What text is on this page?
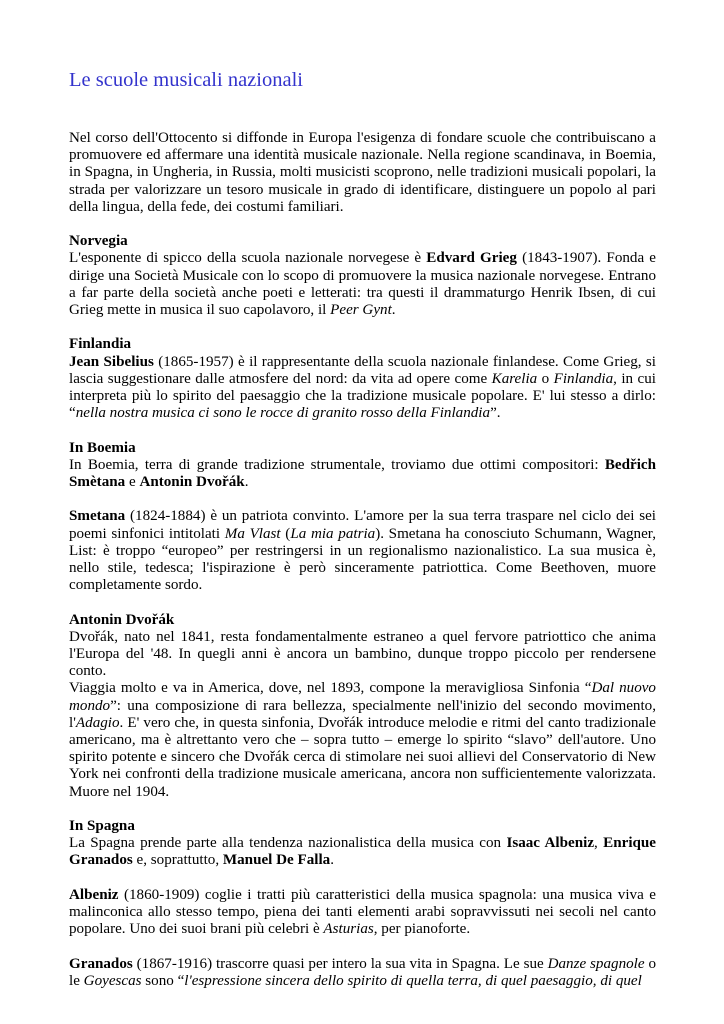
Le scuole musicali nazionali

Nel corso dell'Ottocento si diffonde in Europa l'esigenza di fondare scuole che contribuiscano a promuovere ed affermare una identità musicale nazionale. Nella regione scandinava, in Boemia, in Spagna, in Ungheria, in Russia, molti musicisti scoprono, nelle tradizioni musicali popolari, la strada per valorizzare un tesoro musicale in grado di identificare, distinguere un popolo al pari della lingua, della fede, dei costumi familiari.

Norvegia
L'esponente di spicco della scuola nazionale norvegese è Edvard Grieg (1843-1907). Fonda e dirige una Società Musicale con lo scopo di promuovere la musica nazionale norvegese. Entrano a far parte della società anche poeti e letterati: tra questi il drammaturgo Henrik Ibsen, di cui Grieg mette in musica il suo capolavoro, il Peer Gynt.

Finlandia
Jean Sibelius (1865-1957) è il rappresentante della scuola nazionale finlandese. Come Grieg, si lascia suggestionare dalle atmosfere del nord: da vita ad opere come Karelia o Finlandia, in cui interpreta più lo spirito del paesaggio che la tradizione musicale popolare. E' lui stesso a dirlo: “nella nostra musica ci sono le rocce di granito rosso della Finlandia”.

In Boemia
In Boemia, terra di grande tradizione strumentale, troviamo due ottimi compositori: Bedřich Smètana e Antonin Dvořák.

Smetana (1824-1884) è un patriota convinto. L'amore per la sua terra traspare nel ciclo dei sei poemi sinfonici intitolati Ma Vlast (La mia patria). Smetana ha conosciuto Schumann, Wagner, List: è troppo “europeo” per restringersi in un regionalismo nazionalistico. La sua musica è, nello stile, tedesca; l'ispirazione è però sinceramente patriottica. Come Beethoven, muore completamente sordo.

Antonin Dvořák
Dvořák, nato nel 1841, resta fondamentalmente estraneo a quel fervore patriottico che anima l'Europa del '48. In quegli anni è ancora un bambino, dunque troppo piccolo per rendersene conto.

Viaggia molto e va in America, dove, nel 1893, compone la meravigliosa Sinfonia “Dal nuovo mondo”: una composizione di rara bellezza, specialmente nell'inizio del secondo movimento, l'Adagio. E' vero che, in questa sinfonia, Dvořák introduce melodie e ritmi del canto tradizionale americano, ma è altrettanto vero che – sopra tutto – emerge lo spirito “slavo” dell'autore. Uno spirito potente e sincero che Dvořák cerca di stimolare nei suoi allievi del Conservatorio di New York nei confronti della tradizione musicale americana, ancora non sufficientemente valorizzata. Muore nel 1904.

In Spagna
La Spagna prende parte alla tendenza nazionalistica della musica con Isaac Albeniz, Enrique Granados e, soprattutto, Manuel De Falla.

Albeniz (1860-1909) coglie i tratti più caratteristici della musica spagnola: una musica viva e malinconica allo stesso tempo, piena dei tanti elementi arabi sopravvissuti nei secoli nel canto popolare. Uno dei suoi brani più celebri è Asturias, per pianoforte.

Granados (1867-1916) trascorre quasi per intero la sua vita in Spagna. Le sue Danze spagnole o le Goyescas sono “l'espressione sincera dello spirito di quella terra, di quel paesaggio, di quel
